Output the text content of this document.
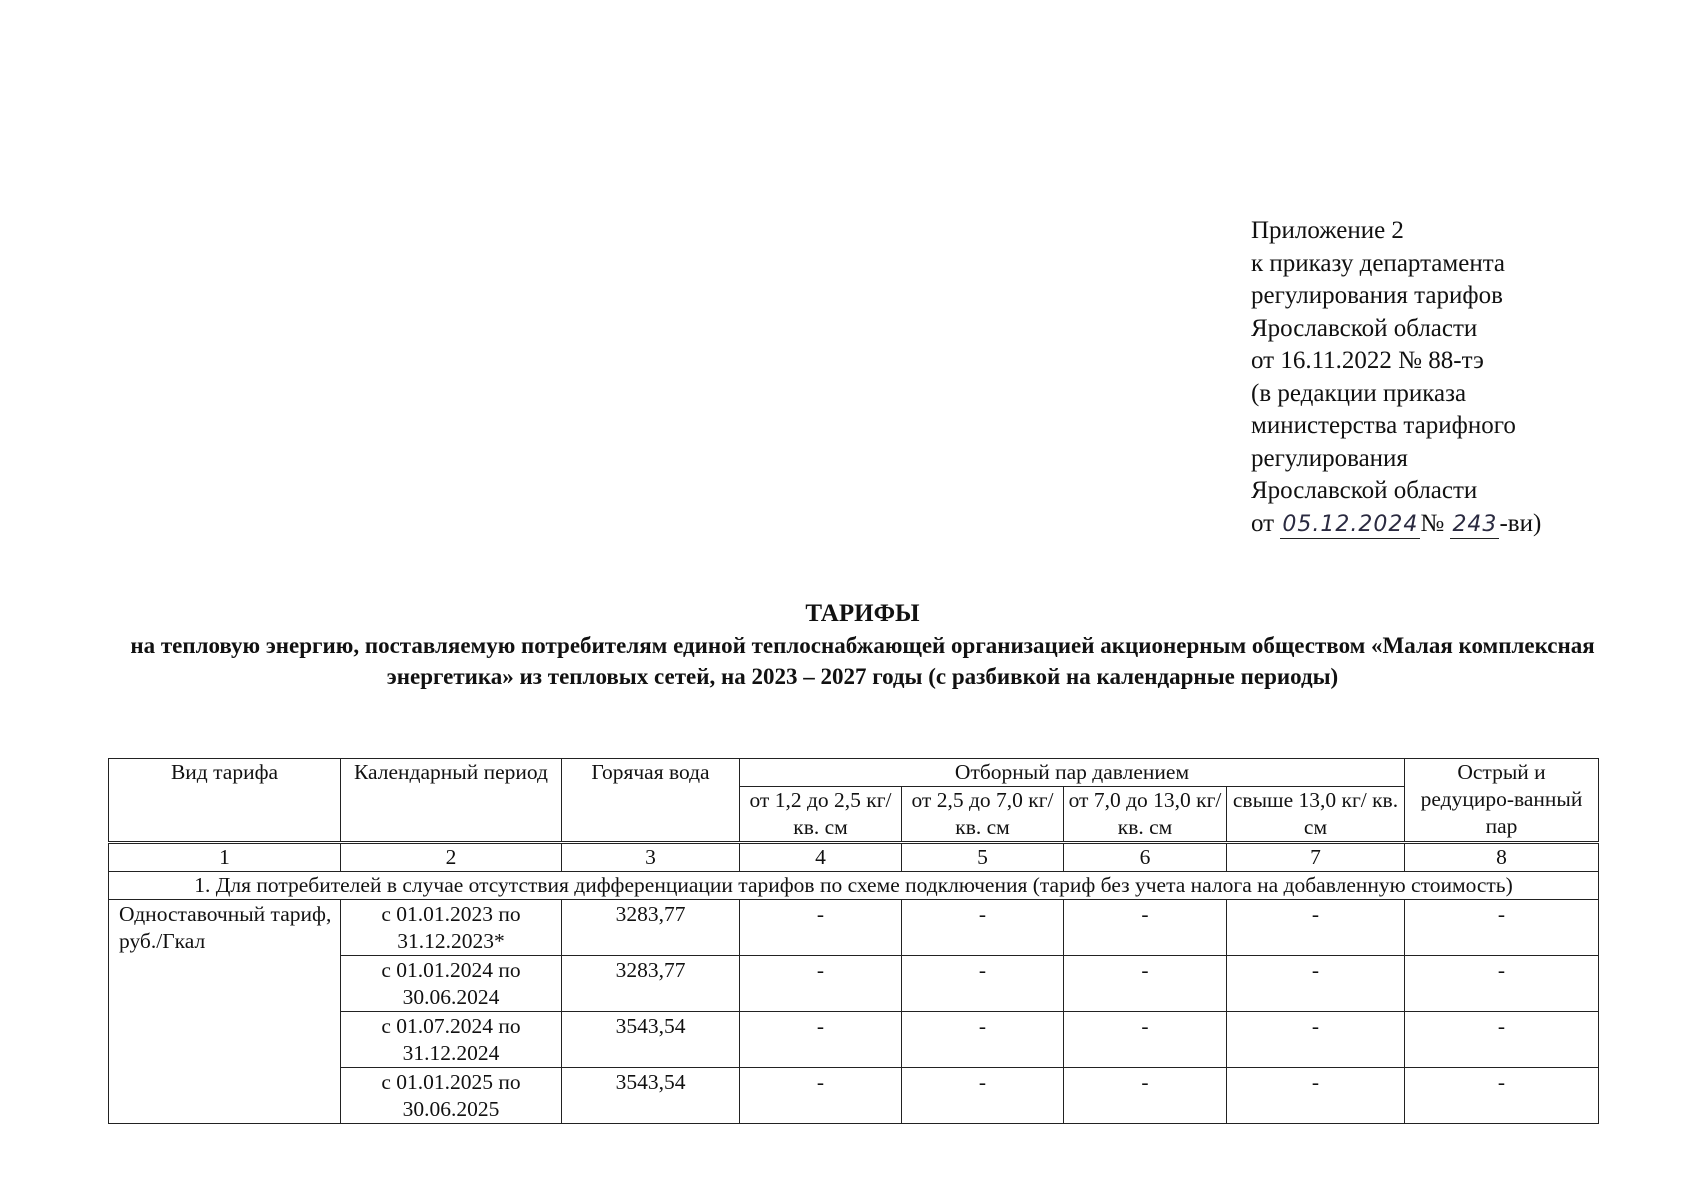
Приложение 2
к приказу департамента
регулирования тарифов
Ярославской области
от 16.11.2022 № 88-тэ
(в редакции приказа
министерства тарифного
регулирования
Ярославской области
от 05.12.2024№ 243-ви)
ТАРИФЫ
на тепловую энергию, поставляемую потребителям единой теплоснабжающей организацией акционерным обществом «Малая комплексная энергетика» из тепловых сетей, на 2023 – 2027 годы (с разбивкой на календарные периоды)
Вид тарифа	Календарный период	Горячая вода	Отборный пар давлением				Острый и редуциро-ванный пар
			от 1,2 до 2,5 кг/ кв. см	от 2,5 до 7,0 кг/ кв. см	от 7,0 до 13,0 кг/ кв. см	свыше 13,0 кг/ кв. см	
1	2	3	4	5	6	7	8
1. Для потребителей в случае отсутствия дифференциации тарифов по схеме подключения (тариф без учета налога на добавленную стоимость)							
Одноставочный тариф, руб./Гкал	с 01.01.2023 по 31.12.2023*	3283,77	-	-	-	-	-
	с 01.01.2024 по 30.06.2024	3283,77	-	-	-	-	-
	с 01.07.2024 по 31.12.2024	3543,54	-	-	-	-	-
	с 01.01.2025 по 30.06.2025	3543,54	-	-	-	-	-
